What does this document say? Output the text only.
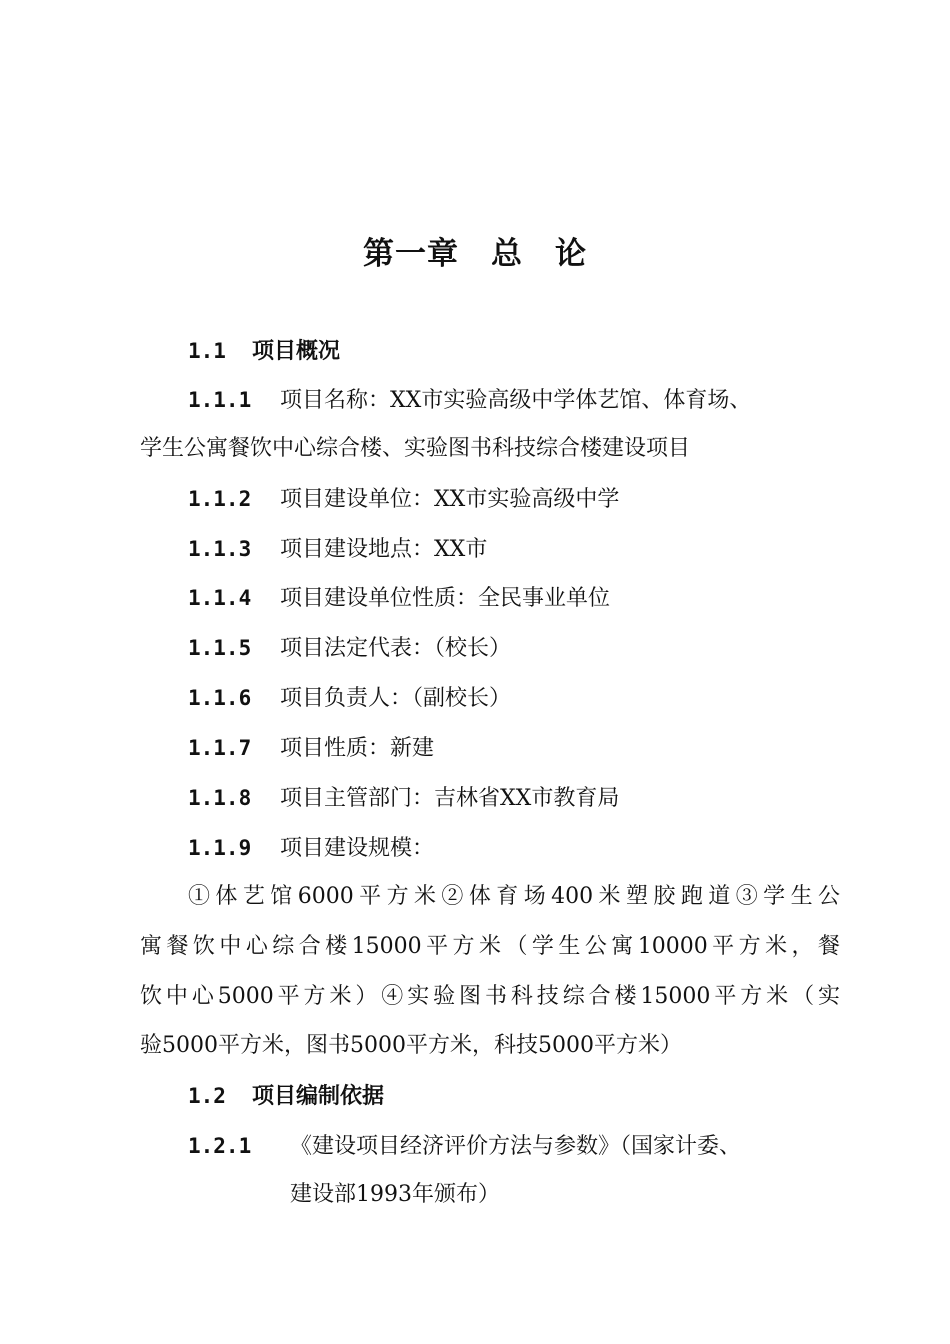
第一章　总　论
1.1 项目概况
1.1.1 项目名称：XX市实验高级中学体艺馆、体育场、
学生公寓餐饮中心综合楼、实验图书科技综合楼建设项目
1.1.2 项目建设单位：XX市实验高级中学
1.1.3 项目建设地点：XX市
1.1.4 项目建设单位性质：全民事业单位
1.1.5 项目法定代表：（校长）
1.1.6 项目负责人：（副校长）
1.1.7 项目性质：新建
1.1.8 项目主管部门：吉林省XX市教育局
1.1.9 项目建设规模：
①体艺馆6000平方米②体育场400米塑胶跑道③学生公
寓餐饮中心综合楼15000平方米（学生公寓10000平方米，餐
饮中心5000平方米）④实验图书科技综合楼15000平方米（实
验5000平方米，图书5000平方米，科技5000平方米）
1.2 项目编制依据
1.2.1 《建设项目经济评价方法与参数》（国家计委、
建设部1993年颁布）
